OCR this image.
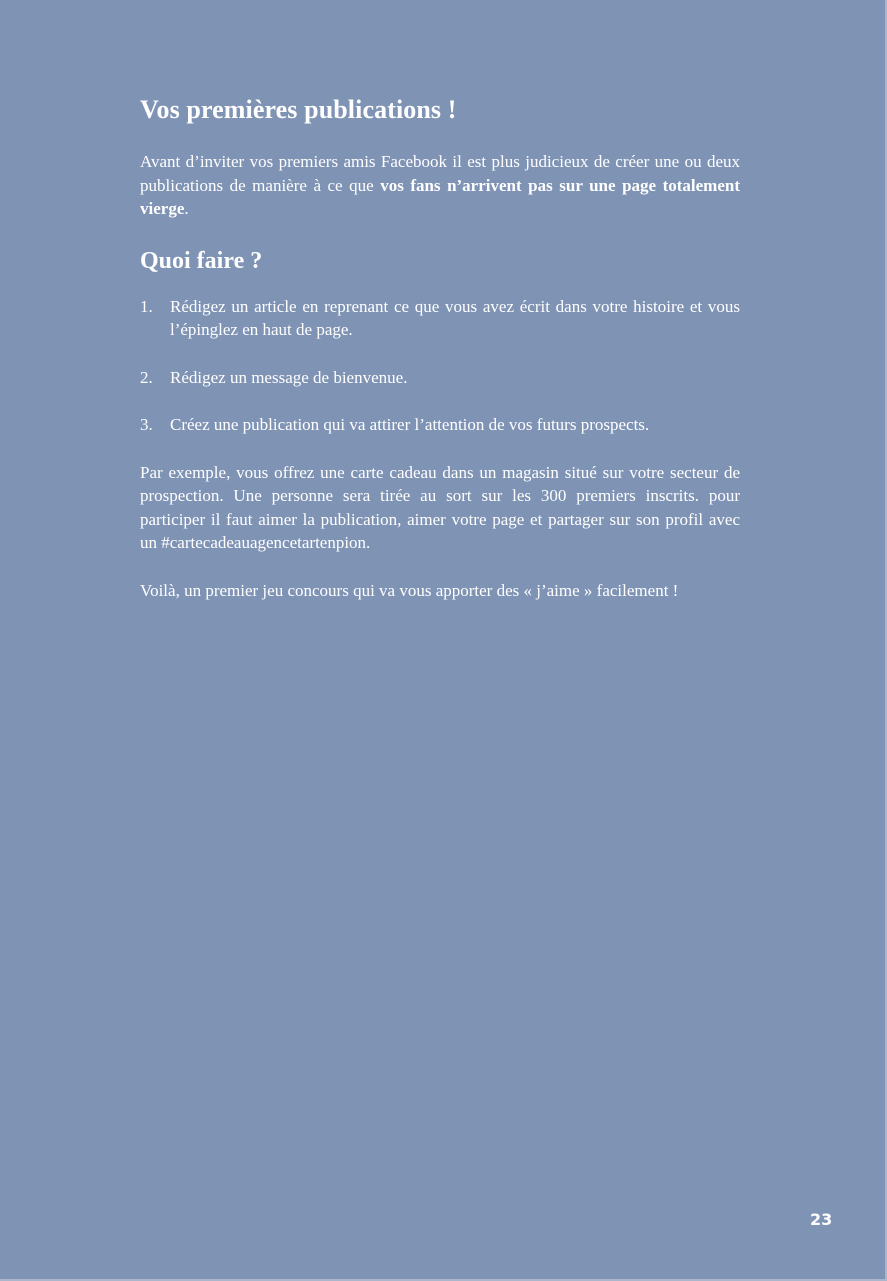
Vos premières publications !

Avant d’inviter vos premiers amis Facebook il est plus judicieux de créer une ou deux publications de manière à ce que vos fans n’arrivent pas sur une page totalement vierge.

Quoi faire ?
1. Rédigez un article en reprenant ce que vous avez écrit dans votre histoire et vous l’épinglez en haut de page.
2. Rédigez un message de bienvenue.
3. Créez une publication qui va attirer l’attention de vos futurs prospects.

Par exemple, vous offrez une carte cadeau dans un magasin situé sur votre secteur de prospection. Une personne sera tirée au sort sur les 300 premiers inscrits. pour participer il faut aimer la publication, aimer votre page et partager sur son profil avec un #cartecadeauagencetartenpion.

Voilà, un premier jeu concours qui va vous apporter des « j’aime » facilement !

23
